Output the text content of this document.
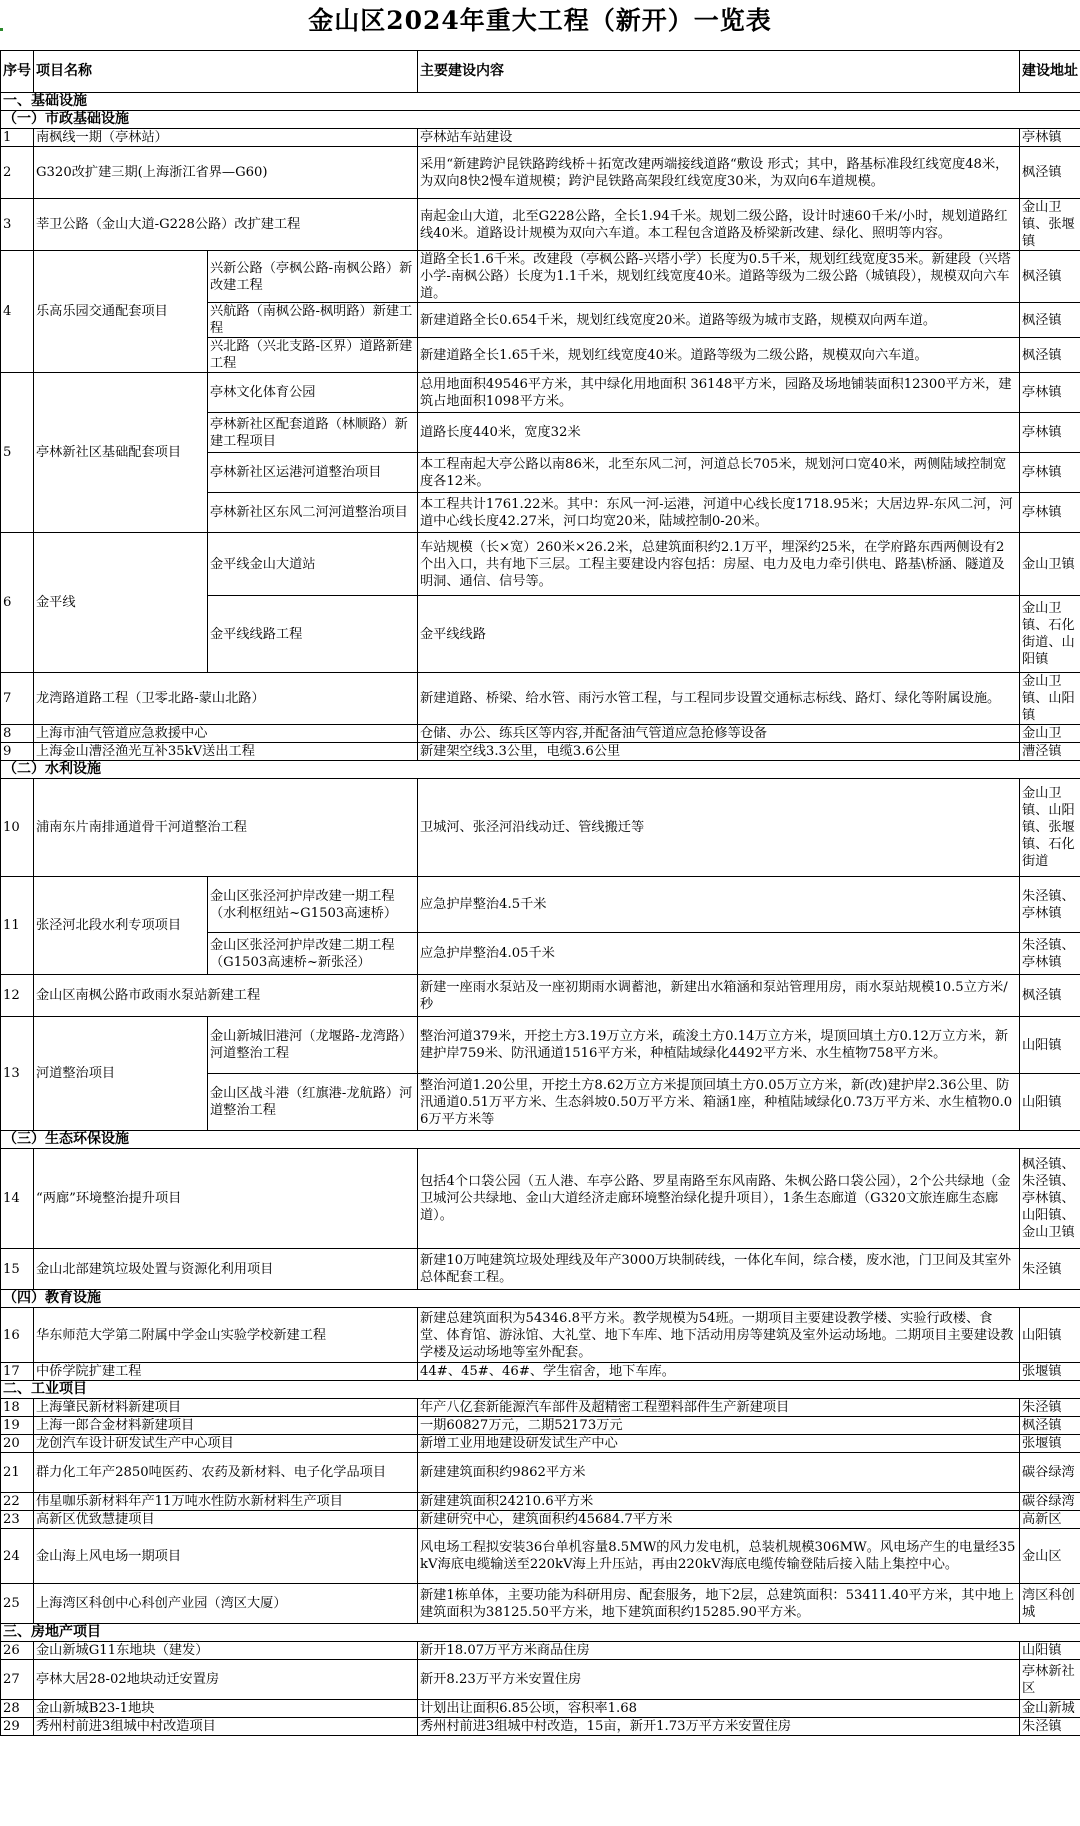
金山区2024年重大工程（新开）一览表
序号	项目名称		主要建设内容	建设地址
一、基础设施				
（一）市政基础设施				
1	南枫线一期（亭林站）		亭林站车站建设	亭林镇
2	G320改扩建三期(上海浙江省界—G60)		采用“新建跨沪昆铁路跨线桥＋拓宽改建两端接线道路“敷设 形式；其中，路基标准段红线宽度48米，为双向8快2慢车道规模；跨沪昆铁路高架段红线宽度30米，为双向6车道规模。	枫泾镇
3	莘卫公路（金山大道-G228公路）改扩建工程		南起金山大道，北至G228公路，全长1.94千米。规划二级公路，设计时速60千米/小时，规划道路红线40米。道路设计规模为双向六车道。本工程包含道路及桥梁新改建、绿化、照明等内容。	金山卫镇、张堰镇
4	乐高乐园交通配套项目	兴新公路（亭枫公路-南枫公路）新改建工程	道路全长1.6千米。改建段（亭枫公路-兴塔小学）长度为0.5千米，规划红线宽度35米。新建段（兴塔小学-南枫公路）长度为1.1千米，规划红线宽度40米。道路等级为二级公路（城镇段），规模双向六车道。	枫泾镇
		兴航路（南枫公路-枫明路）新建工程	新建道路全长0.654千米，规划红线宽度20米。道路等级为城市支路，规模双向两车道。	枫泾镇
		兴北路（兴北支路-区界）道路新建工程	新建道路全长1.65千米，规划红线宽度40米。道路等级为二级公路，规模双向六车道。	枫泾镇
5	亭林新社区基础配套项目	亭林文化体育公园	总用地面积49546平方米，其中绿化用地面积 36148平方米，园路及场地铺装面积12300平方米，建筑占地面积1098平方米。	亭林镇
		亭林新社区配套道路（林顺路）新建工程项目	道路长度440米，宽度32米	亭林镇
		亭林新社区运港河道整治项目	本工程南起大亭公路以南86米，北至东风二河，河道总长705米，规划河口宽40米，两侧陆域控制宽度各12米。	亭林镇
		亭林新社区东风二河河道整治项目	本工程共计1761.22米。其中：东风一河-运港，河道中心线长度1718.95米；大居边界-东风二河，河道中心线长度42.27米，河口均宽20米，陆域控制0-20米。	亭林镇
6	金平线	金平线金山大道站	车站规模（长×宽）260米×26.2米，总建筑面积约2.1万平，埋深约25米，在学府路东西两侧设有2个出入口，共有地下三层。工程主要建设内容包括：房屋、电力及电力牵引供电、路基\桥涵、隧道及明洞、通信、信号等。	金山卫镇
		金平线线路工程	金平线线路	金山卫镇、石化街道、山阳镇
7	龙湾路道路工程（卫零北路-蒙山北路）		新建道路、桥梁、给水管、雨污水管工程，与工程同步设置交通标志标线、路灯、绿化等附属设施。	金山卫镇、山阳镇
8	上海市油气管道应急救援中心		仓储、办公、练兵区等内容,并配备油气管道应急抢修等设备	金山卫
9	上海金山漕泾渔光互补35kV送出工程		新建架空线3.3公里，电缆3.6公里	漕泾镇
（二）水利设施				
10	浦南东片南排通道骨干河道整治工程		卫城河、张泾河沿线动迁、管线搬迁等	金山卫镇、山阳镇、张堰镇、石化街道
11	张泾河北段水利专项项目	金山区张泾河护岸改建一期工程（水利枢纽站~G1503高速桥）	应急护岸整治4.5千米	朱泾镇、亭林镇
		金山区张泾河护岸改建二期工程（G1503高速桥~新张泾）	应急护岸整治4.05千米	朱泾镇、亭林镇
12	金山区南枫公路市政雨水泵站新建工程		新建一座雨水泵站及一座初期雨水调蓄池，新建出水箱涵和泵站管理用房，雨水泵站规模10.5立方米/秒	枫泾镇
13	河道整治项目	金山新城旧港河（龙堰路-龙湾路）河道整治工程	整治河道379米，开挖土方3.19万立方米，疏浚土方0.14万立方米，堤顶回填土方0.12万立方米，新建护岸759米、防汛通道1516平方米，种植陆域绿化4492平方米、水生植物758平方米。	山阳镇
		金山区战斗港（红旗港-龙航路）河道整治工程	整治河道1.20公里，开挖土方8.62万立方米提顶回填土方0.05万立方米，新(改)建护岸2.36公里、防汛通道0.51万平方米、生态斜坡0.50万平方米、箱涵1座，种植陆域绿化0.73万平方米、水生植物0.06万平方米等	山阳镇
（三）生态环保设施				
14	“两廊”环境整治提升项目		包括4个口袋公园（五人港、车亭公路、罗星南路至东风南路、朱枫公路口袋公园），2个公共绿地（金卫城河公共绿地、金山大道经济走廊环境整治绿化提升项目），1条生态廊道（G320文旅连廊生态廊道）。	枫泾镇、朱泾镇、亭林镇、山阳镇、金山卫镇
15	金山北部建筑垃圾处置与资源化利用项目		新建10万吨建筑垃圾处理线及年产3000万块制砖线，一体化车间，综合楼，废水池，门卫间及其室外总体配套工程。	朱泾镇
（四）教育设施				
16	华东师范大学第二附属中学金山实验学校新建工程		新建总建筑面积为54346.8平方米。教学规模为54班。一期项目主要建设教学楼、实验行政楼、食堂、体育馆、游泳馆、大礼堂、地下车库、地下活动用房等建筑及室外运动场地。二期项目主要建设教学楼及运动场地等室外配套。	山阳镇
17	中侨学院扩建工程		44#、45#、46#、学生宿舍，地下车库。	张堰镇
二、工业项目				
18	上海肇民新材料新建项目		年产八亿套新能源汽车部件及超精密工程塑料部件生产新建项目	朱泾镇
19	上海一郎合金材料新建项目		一期60827万元，二期52173万元	枫泾镇
20	龙创汽车设计研发试生产中心项目		新增工业用地建设研发试生产中心	张堰镇
21	群力化工年产2850吨医药、农药及新材料、电子化学品项目		新建建筑面积约9862平方米	碳谷绿湾
22	伟星咖乐新材料年产11万吨水性防水新材料生产项目		新建建筑面积24210.6平方米	碳谷绿湾
23	高新区优致慧捷项目		新建研究中心，建筑面积约45684.7平方米	高新区
24	金山海上风电场一期项目		风电场工程拟安装36台单机容量8.5MW的风力发电机，总装机规模306MW。风电场产生的电量经35kV海底电缆输送至220kV海上升压站，再由220kV海底电缆传输登陆后接入陆上集控中心。	金山区
25	上海湾区科创中心科创产业园（湾区大厦）		新建1栋单体，主要功能为科研用房、配套服务，地下2层，总建筑面积：53411.40平方米，其中地上建筑面积为38125.50平方米，地下建筑面积约15285.90平方米。	湾区科创城
三、房地产项目				
26	金山新城G11东地块（建发）		新开18.07万平方米商品住房	山阳镇
27	亭林大居28-02地块动迁安置房		新开8.23万平方米安置住房	亭林新社区
28	金山新城B23-1地块		计划出让面积6.85公顷，容积率1.68	金山新城
29	秀州村前进3组城中村改造项目		秀州村前进3组城中村改造，15亩，新开1.73万平方米安置住房	朱泾镇
